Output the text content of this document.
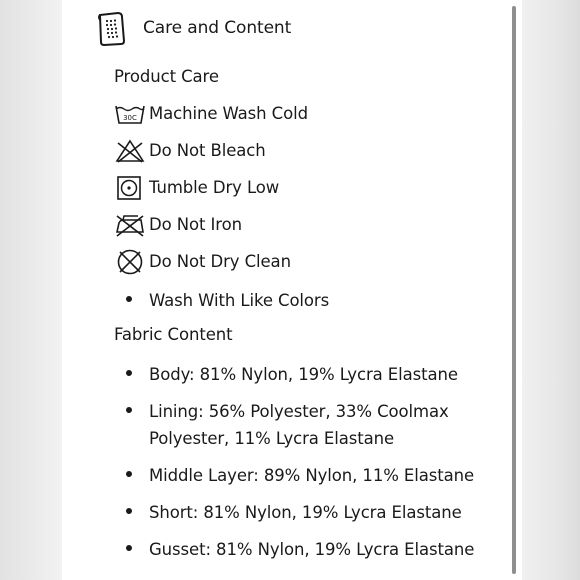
Care and Content
Product Care
30C Machine Wash Cold
Do Not Bleach
Tumble Dry Low
Do Not Iron
Do Not Dry Clean
Wash With Like Colors
Fabric Content
Body: 81% Nylon, 19% Lycra Elastane
Lining: 56% Polyester, 33% Coolmax
Polyester, 11% Lycra Elastane
Middle Layer: 89% Nylon, 11% Elastane
Short: 81% Nylon, 19% Lycra Elastane
Gusset: 81% Nylon, 19% Lycra Elastane
